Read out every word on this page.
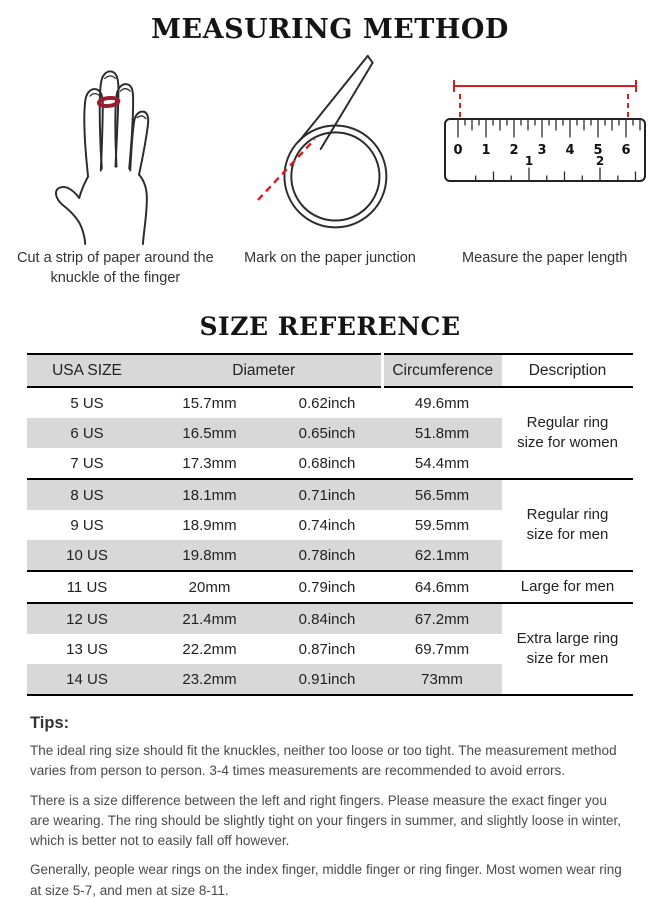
MEASURING METHOD

Cut a strip of paper around the knuckle of the finger

Mark on the paper junction

0 1 2 3 4 5 6
1	2

Measure the paper length

SIZE REFERENCE
USA SIZE	Diameter		Circumference	Description
5 US	15.7mm	0.62inch	49.6mm	Regular ring size for women
6 US	16.5mm	0.65inch	51.8mm	
7 US	17.3mm	0.68inch	54.4mm	
8 US	18.1mm	0.71inch	56.5mm	Regular ring size for men
9 US	18.9mm	0.74inch	59.5mm	
10 US	19.8mm	0.78inch	62.1mm	
11 US	20mm	0.79inch	64.6mm	Large for men
12 US	21.4mm	0.84inch	67.2mm	Extra large ring size for men
13 US	22.2mm	0.87inch	69.7mm	
14 US	23.2mm	0.91inch	73mm	
Tips:

The ideal ring size should fit the knuckles, neither too loose or too tight. The measurement method varies from person to person. 3-4 times measurements are recommended to avoid errors.

There is a size difference between the left and right fingers. Please measure the exact finger you are wearing. The ring should be slightly tight on your fingers in summer, and slightly loose in winter, which is better not to easily fall off however.

Generally, people wear rings on the index finger, middle finger or ring finger. Most women wear ring at size 5-7, and men at size 8-11.
